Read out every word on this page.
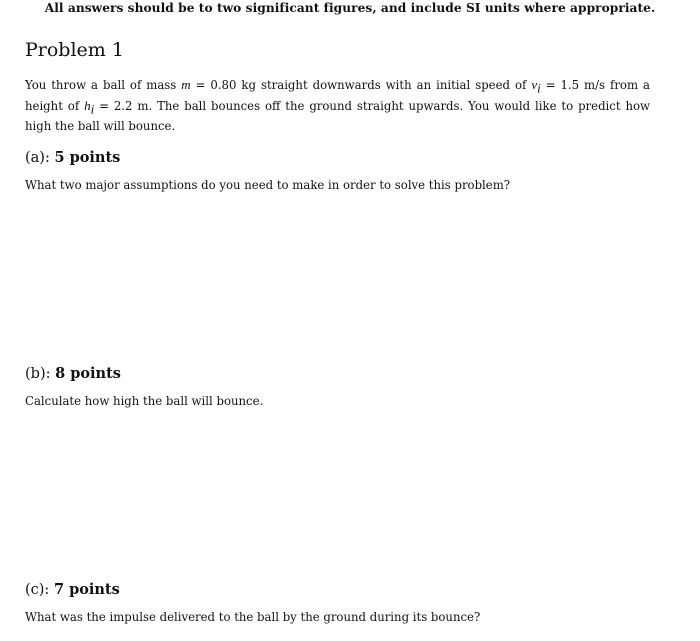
All answers should be to two significant figures, and include SI units where appropriate.
Problem 1

You throw a ball of mass m = 0.80 kg straight downwards with an initial speed of $v_i = 1.5$ m/s from a height of $h_i = 2.2$ m. The ball bounces off the ground straight upwards. You would like to predict how high the ball will bounce.

(a): 5 points

What two major assumptions do you need to make in order to solve this problem?

(b): 8 points

Calculate how high the ball will bounce.

(c): 7 points

What was the impulse delivered to the ball by the ground during its bounce?
